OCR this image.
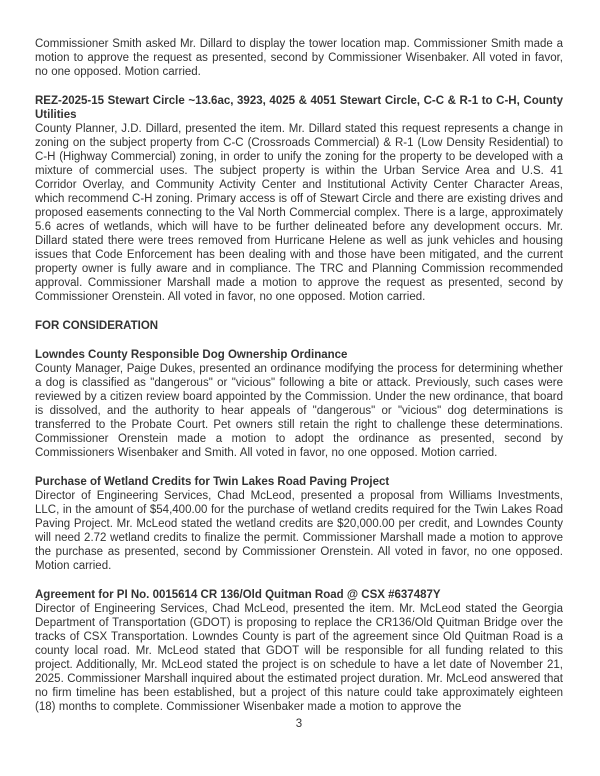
Commissioner Smith asked Mr. Dillard to display the tower location map. Commissioner Smith made a motion to approve the request as presented, second by Commissioner Wisenbaker. All voted in favor, no one opposed. Motion carried.

REZ-2025-15 Stewart Circle ~13.6ac, 3923, 4025 & 4051 Stewart Circle, C-C & R-1 to C-H, County Utilities

County Planner, J.D. Dillard, presented the item. Mr. Dillard stated this request represents a change in zoning on the subject property from C-C (Crossroads Commercial) & R-1 (Low Density Residential) to C-H (Highway Commercial) zoning, in order to unify the zoning for the property to be developed with a mixture of commercial uses. The subject property is within the Urban Service Area and U.S. 41 Corridor Overlay, and Community Activity Center and Institutional Activity Center Character Areas, which recommend C-H zoning. Primary access is off of Stewart Circle and there are existing drives and proposed easements connecting to the Val North Commercial complex. There is a large, approximately 5.6 acres of wetlands, which will have to be further delineated before any development occurs. Mr. Dillard stated there were trees removed from Hurricane Helene as well as junk vehicles and housing issues that Code Enforcement has been dealing with and those have been mitigated, and the current property owner is fully aware and in compliance. The TRC and Planning Commission recommended approval. Commissioner Marshall made a motion to approve the request as presented, second by Commissioner Orenstein. All voted in favor, no one opposed. Motion carried.

FOR CONSIDERATION

Lowndes County Responsible Dog Ownership Ordinance

County Manager, Paige Dukes, presented an ordinance modifying the process for determining whether a dog is classified as "dangerous" or "vicious" following a bite or attack. Previously, such cases were reviewed by a citizen review board appointed by the Commission. Under the new ordinance, that board is dissolved, and the authority to hear appeals of "dangerous" or "vicious" dog determinations is transferred to the Probate Court. Pet owners still retain the right to challenge these determinations. Commissioner Orenstein made a motion to adopt the ordinance as presented, second by Commissioners Wisenbaker and Smith. All voted in favor, no one opposed. Motion carried.

Purchase of Wetland Credits for Twin Lakes Road Paving Project

Director of Engineering Services, Chad McLeod, presented a proposal from Williams Investments, LLC, in the amount of $54,400.00 for the purchase of wetland credits required for the Twin Lakes Road Paving Project. Mr. McLeod stated the wetland credits are $20,000.00 per credit, and Lowndes County will need 2.72 wetland credits to finalize the permit. Commissioner Marshall made a motion to approve the purchase as presented, second by Commissioner Orenstein. All voted in favor, no one opposed. Motion carried.

Agreement for PI No. 0015614 CR 136/Old Quitman Road @ CSX #637487Y

Director of Engineering Services, Chad McLeod, presented the item. Mr. McLeod stated the Georgia Department of Transportation (GDOT) is proposing to replace the CR136/Old Quitman Bridge over the tracks of CSX Transportation. Lowndes County is part of the agreement since Old Quitman Road is a county local road. Mr. McLeod stated that GDOT will be responsible for all funding related to this project. Additionally, Mr. McLeod stated the project is on schedule to have a let date of November 21, 2025. Commissioner Marshall inquired about the estimated project duration. Mr. McLeod answered that no firm timeline has been established, but a project of this nature could take approximately eighteen (18) months to complete. Commissioner Wisenbaker made a motion to approve the

3
